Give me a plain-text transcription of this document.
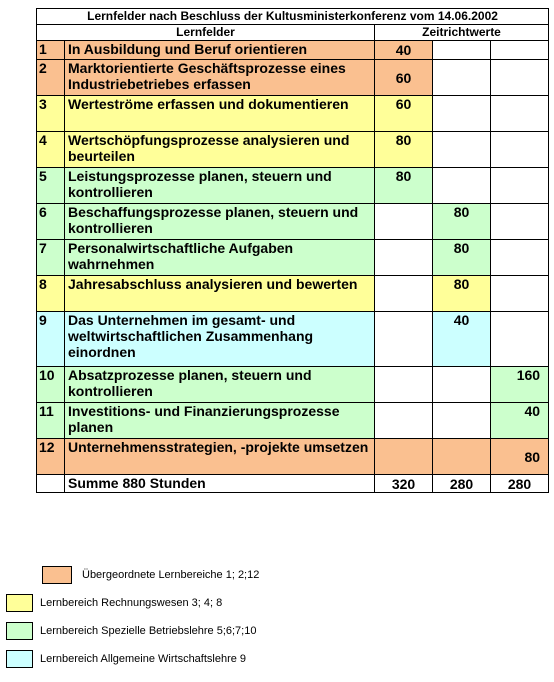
Lernfelder nach Beschluss der Kultusministerkonferenz vom 14.06.2002				
Lernfelder		Zeitrichtwerte		
1	In Ausbildung und Beruf orientieren	40		
2	Marktorientierte Geschäftsprozesse eines Industriebetriebes erfassen	60		
3	Werteströme erfassen und dokumentieren	60		
4	Wertschöpfungsprozesse analysieren und beurteilen	80		
5	Leistungsprozesse planen, steuern und kontrollieren	80		
6	Beschaffungsprozesse planen, steuern und kontrollieren		80	
7	Personalwirtschaftliche Aufgaben wahrnehmen		80	
8	Jahresabschluss analysieren und bewerten		80	
9	Das Unternehmen im gesamt- und weltwirtschaftlichen Zusammenhang einordnen		40	
10	Absatzprozesse planen, steuern und kontrollieren			160
11	Investitions- und Finanzierungsprozesse planen			40
12	Unternehmensstrategien, -projekte umsetzen			80
	Summe 880 Stunden	320	280	280
Übergeordnete Lernbereiche 1; 2;12
Lernbereich Rechnungswesen 3; 4; 8
Lernbereich Spezielle Betriebslehre 5;6;7;10
Lernbereich Allgemeine Wirtschaftslehre 9
